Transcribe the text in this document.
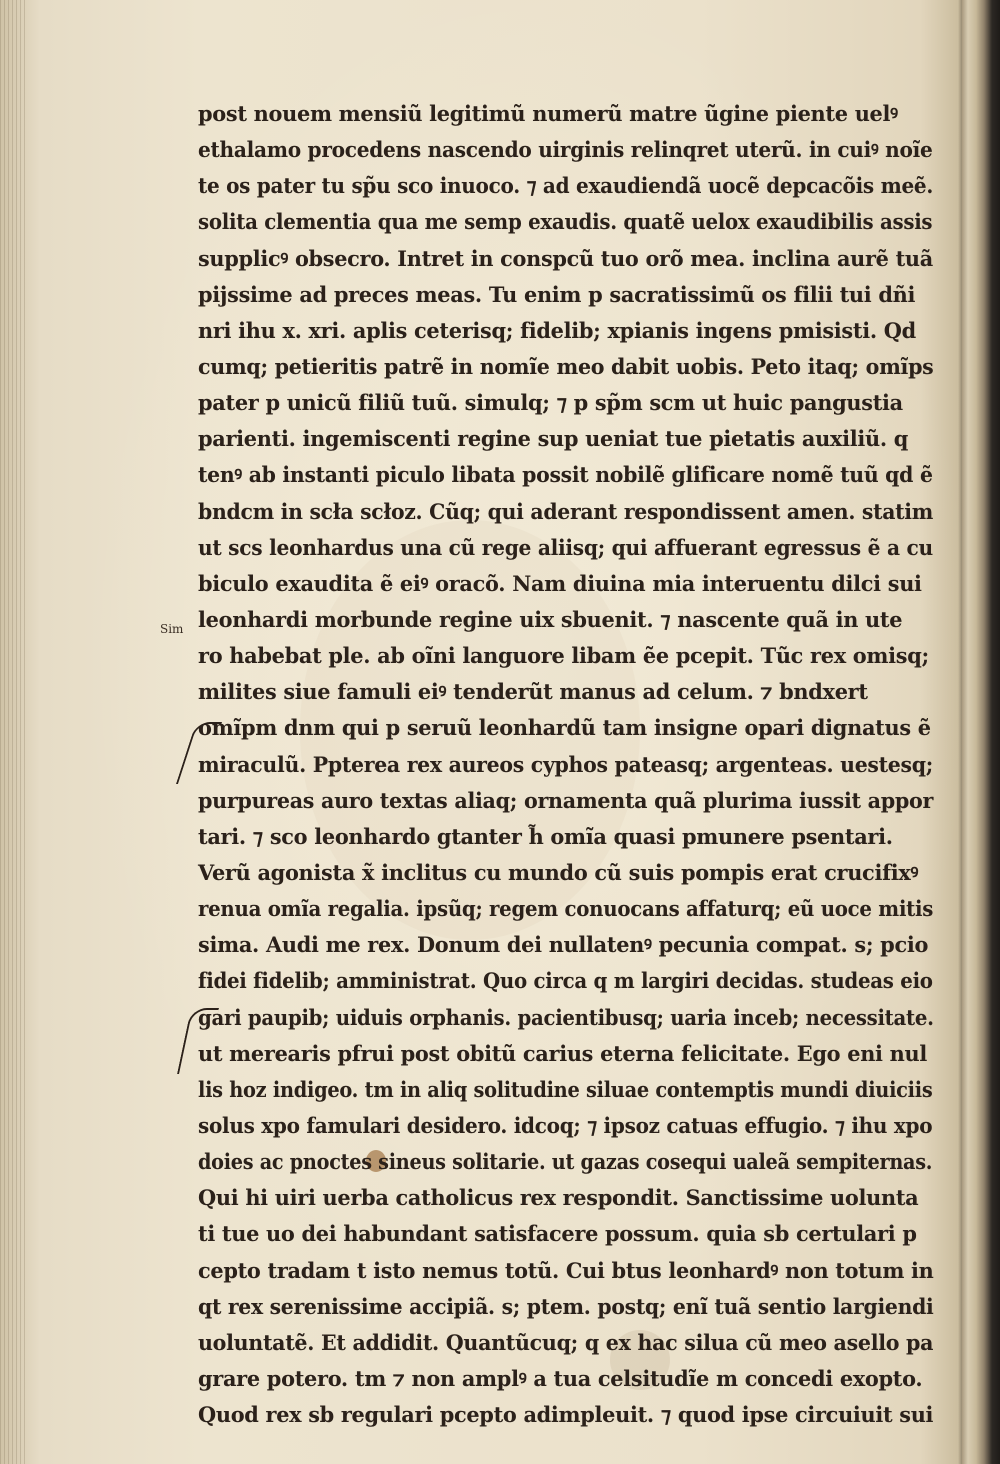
Sim
post nouem mensiũ legitimũ numerũ matre ũgine piente uelꝰ
ethalamo procedens nascendo uirginis relinqret uterũ. in cuiꝰ noĩe
te os pater tu sp̃u sco inuoco. ⁊ ad exaudiendã uocẽ depcacõis meẽ.
solita clementia qua me semp exaudis. quatẽ uelox exaudibilis assis
supplicꝰ obsecro. Intret in conspcũ tuo orõ mea. inclina aurẽ tuã
pijssime ad preces meas. Tu enim p sacratissimũ os filii tui dñi
nri ihu x. xri. aplis ceterisq; fidelib; xpianis ingens pmisisti. Qd
cumq; petieritis patrẽ in nomĩe meo dabit uobis. Peto itaq; omĩps
pater p unicũ filiũ tuũ. simulq; ⁊ p sp̃m scm ut huic pangustia
parienti. ingemiscenti regine sup ueniat tue pietatis auxiliũ. q
tenꝰ ab instanti piculo libata possit nobilẽ glificare nomẽ tuũ qd ẽ
bndcm in scła scłoz. Cũq; qui aderant respondissent amen. statim
ut scs leonhardus una cũ rege aliisq; qui affuerant egressus ẽ a cu
biculo exaudita ẽ eiꝰ oracõ. Nam diuina mia interuentu dilci sui
leonhardi morbunde regine uix sbuenit. ⁊ nascente quã in ute
ro habebat ple. ab oĩni languore libam ẽe pcepit. Tũc rex omisq;
milites siue famuli eiꝰ tenderũt manus ad celum. ⁊ bndxert
omĩpm dnm qui p seruũ leonhardũ tam insigne opari dignatus ẽ
miraculũ. Ppterea rex aureos cyphos pateasq; argenteas. uestesq;
purpureas auro textas aliaq; ornamenta quã plurima iussit appor
tari. ⁊ sco leonhardo gtanter h̃ omĩa quasi pmunere psentari.
Verũ agonista x̃ inclitus cu mundo cũ suis pompis erat crucifixꝰ
renua omĩa regalia. ipsũq; regem conuocans affaturq; eũ uoce mitis
sima. Audi me rex. Donum dei nullatenꝰ pecunia compat. s; pcio
fidei fidelib; amministrat. Quo circa q m largiri decidas. studeas eio
gari paupib; uiduis orphanis. pacientibusq; uaria inceb; necessitate.
ut merearis pfrui post obitũ carius eterna felicitate. Ego eni nul
lis hoz indigeo. tm in aliq solitudine siluae contemptis mundi diuiciis
solus xpo famulari desidero. idcoq; ⁊ ipsoz catuas effugio. ⁊ ihu xpo
doies ac pnoctes sineus solitarie. ut gazas cosequi ualeã sempiternas.
Qui hi uiri uerba catholicus rex respondit. Sanctissime uolunta
ti tue uo dei habundant satisfacere possum. quia sb certulari p
cepto tradam t isto nemus totũ. Cui btus leonhardꝰ non totum in
qt rex serenissime accipiã. s; ptem. postq; enĩ tuã sentio largiendi
uoluntatẽ. Et addidit. Quantũcuq; q ex hac silua cũ meo asello pa
grare potero. tm ⁊ non amplꝰ a tua celsitudĩe m concedi exopto.
Quod rex sb regulari pcepto adimpleuit. ⁊ quod ipse circuiuit sui
